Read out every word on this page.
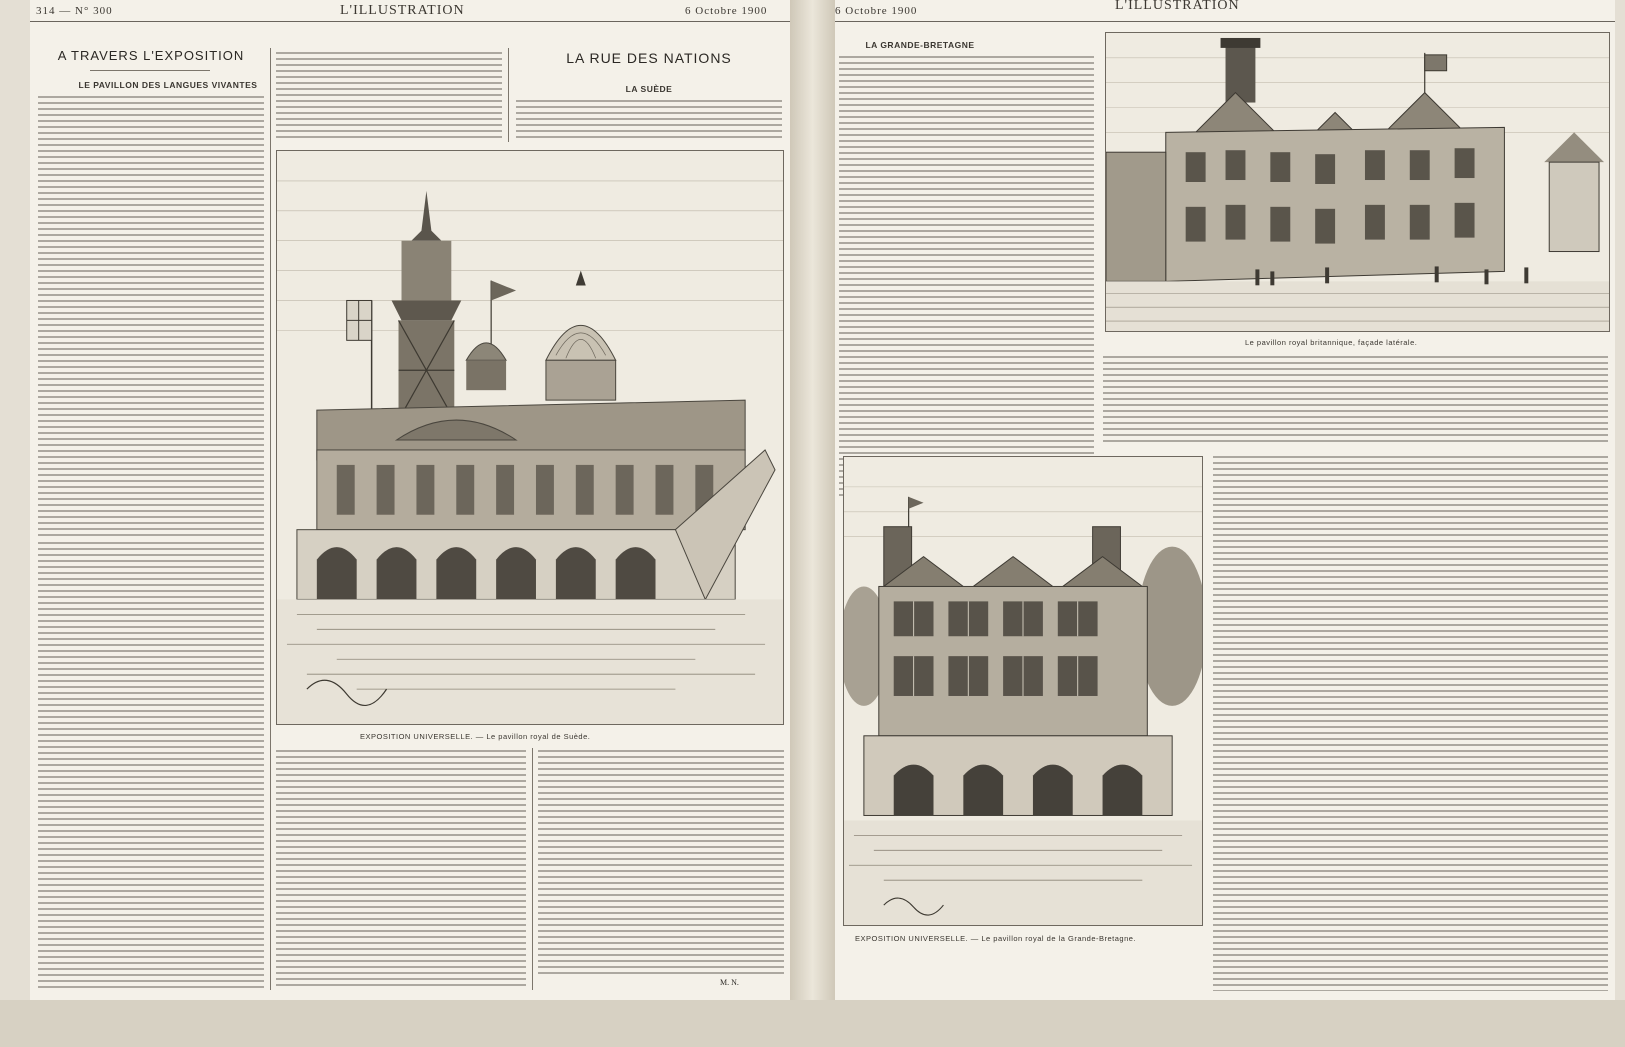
314 — N° 300	L'ILLUSTRATION	6 Octobre 1900
A TRAVERS L'EXPOSITION
LE PAVILLON DES LANGUES VIVANTES
LA RUE DES NATIONS
LA SUÈDE
EXPOSITION UNIVERSELLE. — Le pavillon royal de Suède.
M. N.
6 Octobre 1900	L'ILLUSTRATION
LA GRANDE-BRETAGNE
Le pavillon royal britannique, façade latérale.
EXPOSITION UNIVERSELLE. — Le pavillon royal de la Grande-Bretagne.
